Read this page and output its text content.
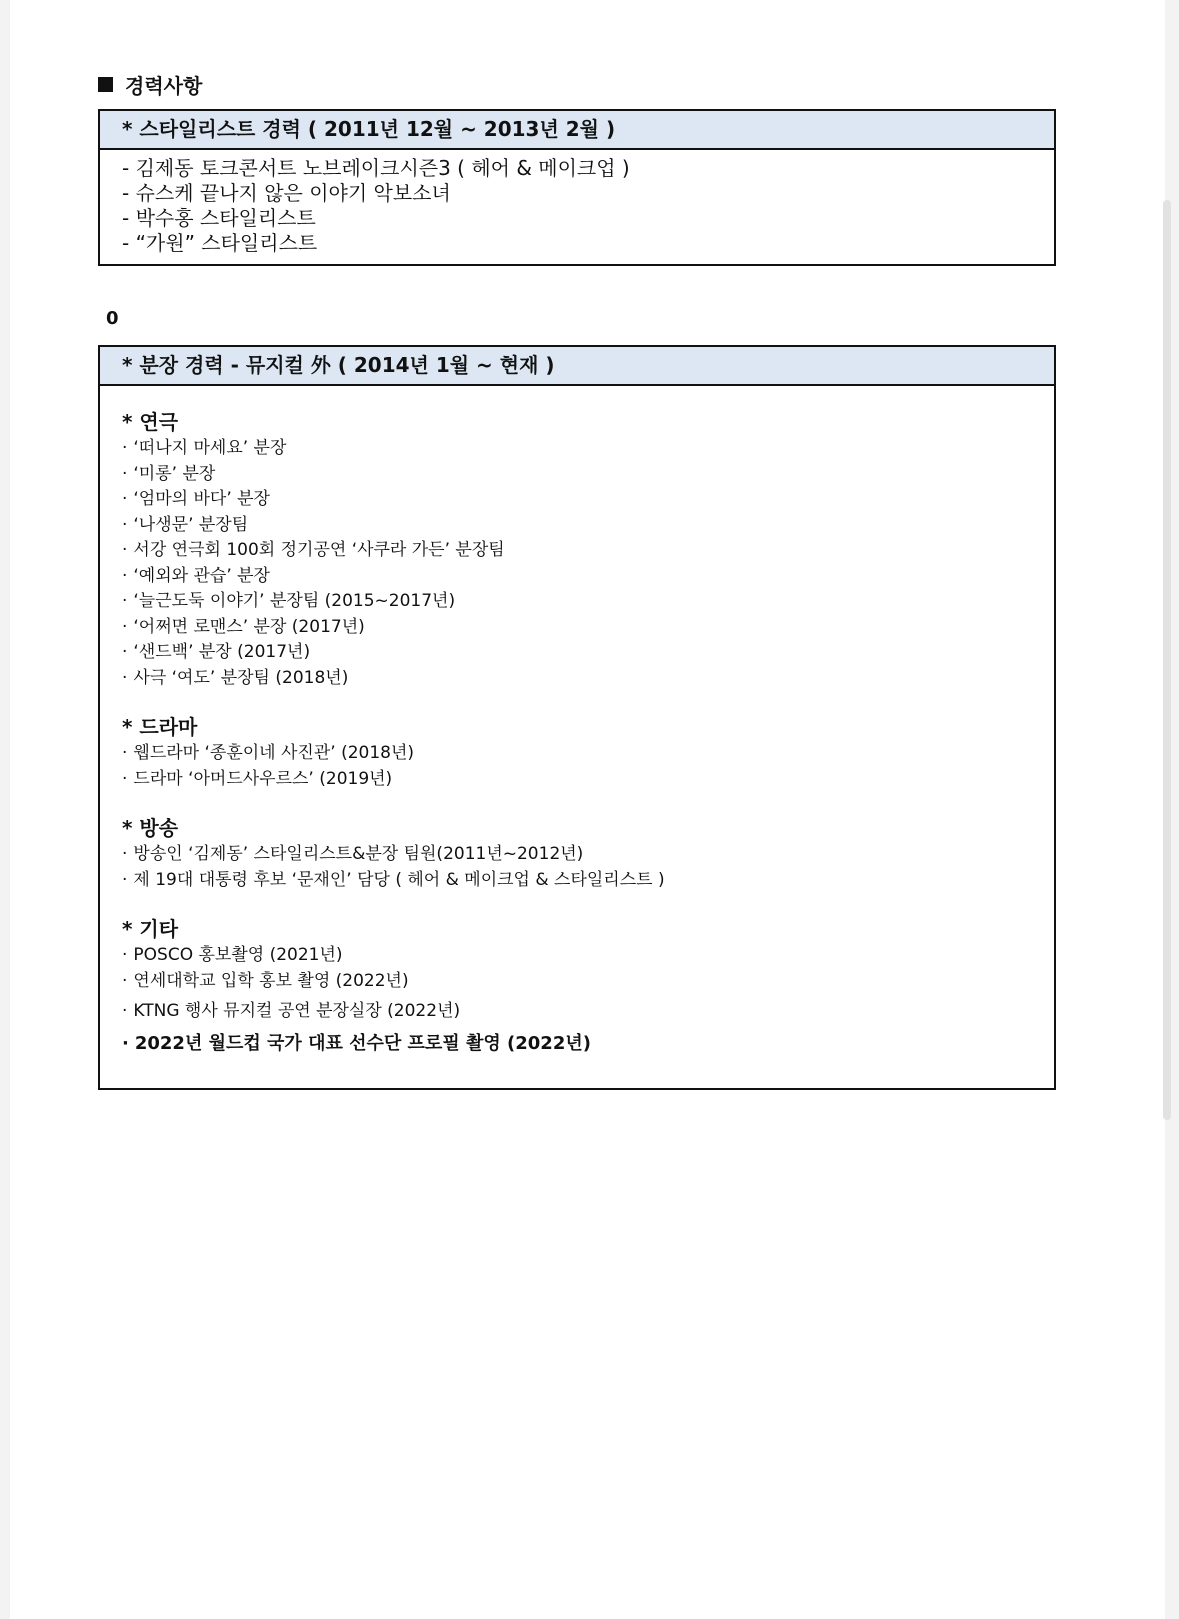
경력사항
* 스타일리스트 경력 ( 2011년 12월 ~ 2013년 2월 )
- 김제동 토크콘서트 노브레이크시즌3 ( 헤어 & 메이크업 )
- 슈스케 끝나지 않은 이야기 악보소녀
- 박수홍 스타일리스트
- “가원” 스타일리스트
0
* 분장 경력 - 뮤지컬 外 ( 2014년 1월 ~ 현재 )
* 연극
· ‘떠나지 마세요’ 분장
· ‘미롱’ 분장
· ‘엄마의 바다’ 분장
· ‘나생문’ 분장팀
· 서강 연극회 100회 정기공연 ‘사쿠라 가든’ 분장팀
· ‘예외와 관습’ 분장
· ‘늘근도둑 이야기’ 분장팀 (2015~2017년)
· ‘어쩌면 로맨스’ 분장 (2017년)
· ‘샌드백’ 분장 (2017년)
· 사극 ‘여도’ 분장팀 (2018년)
* 드라마
· 웹드라마 ‘종훈이네 사진관’ (2018년)
· 드라마 ‘아머드사우르스’ (2019년)
* 방송
· 방송인 ‘김제동’ 스타일리스트&분장 팀원(2011년~2012년)
· 제 19대 대통령 후보 ‘문재인’ 담당 ( 헤어 & 메이크업 & 스타일리스트 )
* 기타
· POSCO 홍보촬영 (2021년)
· 연세대학교 입학 홍보 촬영 (2022년)
· KTNG 행사 뮤지컬 공연 분장실장 (2022년)
· 2022년 월드컵 국가 대표 선수단 프로필 촬영 (2022년)
